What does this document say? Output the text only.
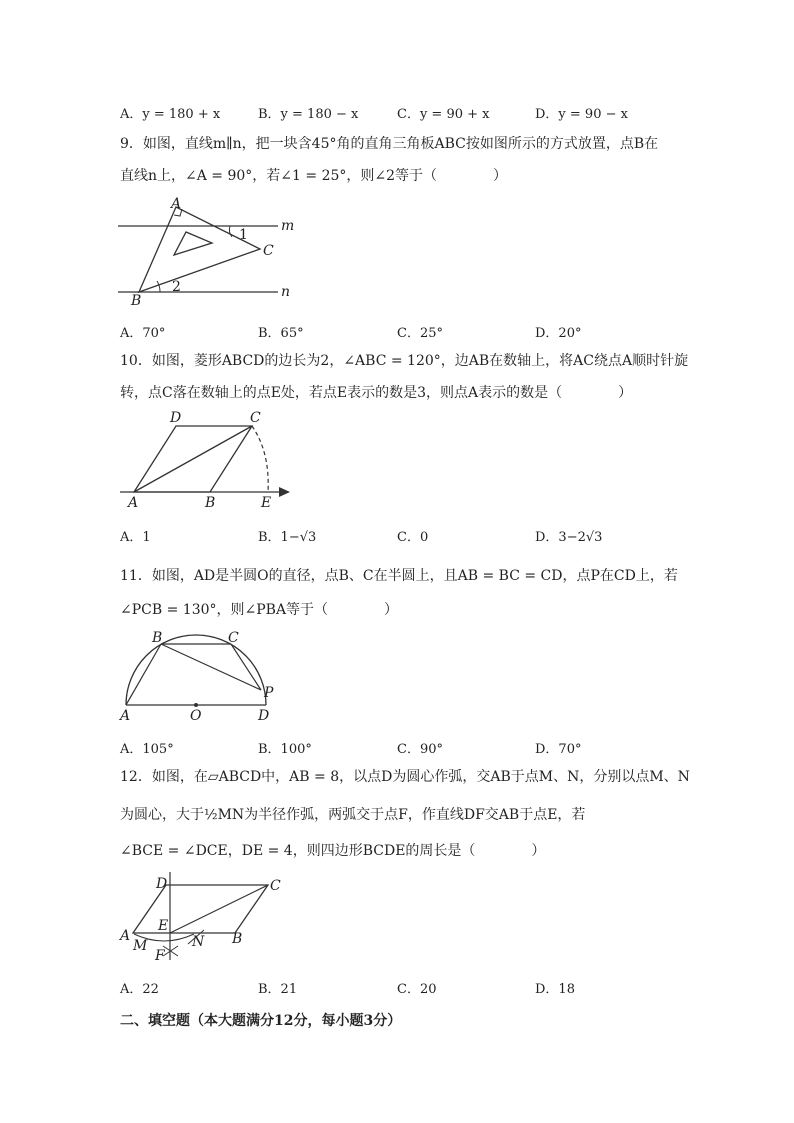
A．y = 180 + x	B．y = 180 − x	C．y = 90 + x	D．y = 90 − x
9．如图，直线m∥n，把一块含45°角的直角三角板ABC按如图所示的方式放置，点B在
直线n上，∠A = 90°，若∠1 = 25°，则∠2等于（　　　　）
A
B
C
m
n
1
2
A．70°	B．65°	C．25°	D．20°
10．如图，菱形ABCD的边长为2，∠ABC = 120°，边AB在数轴上，将AC绕点A顺时针旋
转，点C落在数轴上的点E处，若点E表示的数是3，则点A表示的数是（　　　　）
A	B
C
D
E
A．1	B．1−√3	C．0	D．3−2√3
11．如图，AD是半圆O的直径，点B、C在半圆上，且AB = BC = CD，点P在CD上，若
∠PCB = 130°，则∠PBA等于（　　　　）
A
B	C
D
O
P
A．105°	B．100°	C．90°	D．70°
12．如图，在▱ABCD中，AB = 8，以点D为圆心作弧，交AB于点M、N，分别以点M、N
为圆心，大于½MN为半径作弧，两弧交于点F，作直线DF交AB于点E，若
∠BCE = ∠DCE，DE = 4，则四边形BCDE的周长是（　　　　）
D	C
A
M
E
N B
F
A．22	B．21	C．20	D．18
二、填空题（本大题满分12分，每小题3分）
